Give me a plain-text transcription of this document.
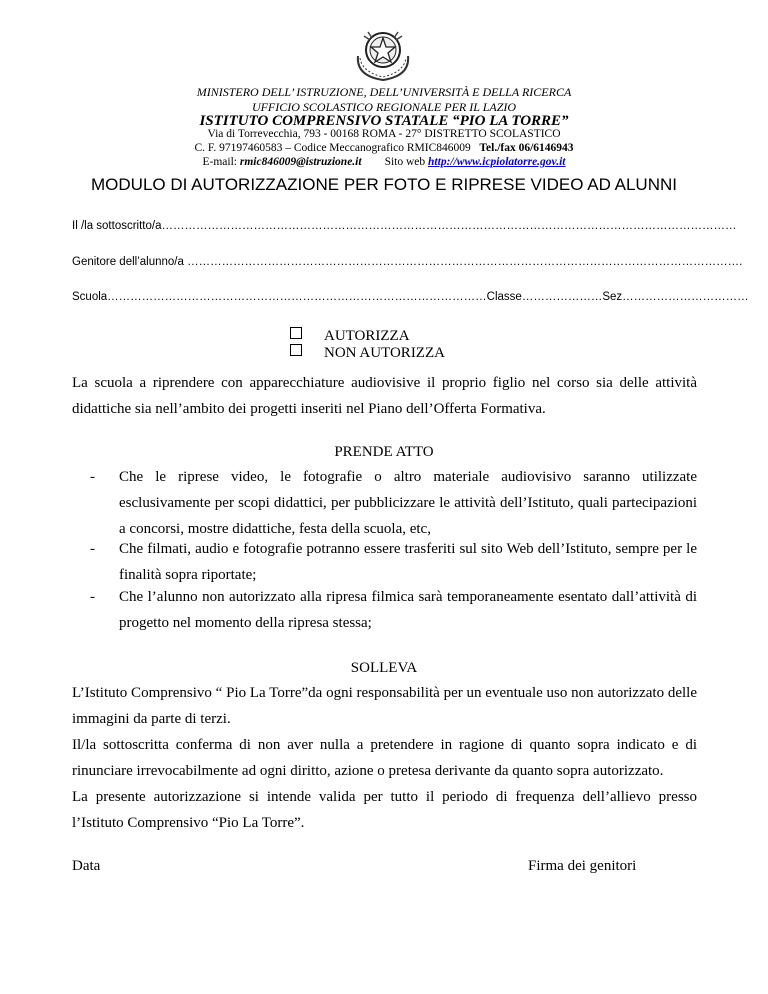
MINISTERO DELL’ ISTRUZIONE, DELL’UNIVERSITÀ E DELLA RICERCA
UFFICIO SCOLASTICO REGIONALE PER IL LAZIO
ISTITUTO COMPRENSIVO STATALE “PIO LA TORRE”
Via di Torrevecchia, 793 - 00168 ROMA - 27° DISTRETTO SCOLASTICO
C. F. 97197460583 – Codice Meccanografico RMIC846009 Tel./fax 06/6146943
E-mail: rmic846009@istruzione.it Sito web http://www.icpiolatorre.gov.it
MODULO DI AUTORIZZAZIONE PER FOTO E RIPRESE VIDEO AD ALUNNI
Il /la sottoscritto/a……………………………………………………………………………………………………………………………………
Genitore dell’alunno/a ……………………………………………………………………………………………………………………………….
Scuola………………………………………………………………………………………Classe…………………Sez……………………………
AUTORIZZA
NON AUTORIZZA
La scuola a riprendere con apparecchiature audiovisive il proprio figlio nel corso sia delle attività didattiche sia nell’ambito dei progetti inseriti nel Piano dell’Offerta Formativa.
PRENDE ATTO
- Che le riprese video, le fotografie o altro materiale audiovisivo saranno utilizzate esclusivamente per scopi didattici, per pubblicizzare le attività dell’Istituto, quali partecipazioni a concorsi, mostre didattiche, festa della scuola, etc,
- Che filmati, audio e fotografie potranno essere trasferiti sul sito Web dell’Istituto, sempre per le finalità sopra riportate;
- Che l’alunno non autorizzato alla ripresa filmica sarà temporaneamente esentato dall’attività di progetto nel momento della ripresa stessa;
SOLLEVA
L’Istituto Comprensivo “ Pio La Torre”da ogni responsabilità per un eventuale uso non autorizzato delle immagini da parte di terzi.
Il/la sottoscritta conferma di non aver nulla a pretendere in ragione di quanto sopra indicato e di rinunciare irrevocabilmente ad ogni diritto, azione o pretesa derivante da quanto sopra autorizzato.
La presente autorizzazione si intende valida per tutto il periodo di frequenza dell’allievo presso l’Istituto Comprensivo “Pio La Torre”.
Data	Firma dei genitori
